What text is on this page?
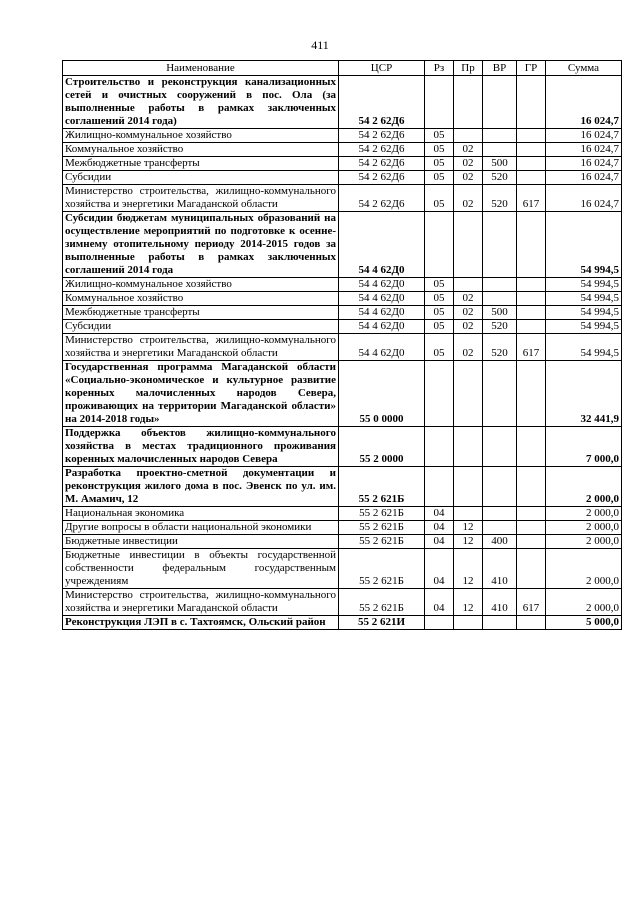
411
Наименование	ЦСР	Рз	Пр	ВР	ГР	Сумма
Строительство и реконструкция канализационных сетей и очистных сооружений в пос. Ола (за выполненные работы в рамках заключенных соглашений 2014 года)	54 2 62Д6					16 024,7
Жилищно-коммунальное хозяйство	54 2 62Д6	05				16 024,7
Коммунальное хозяйство	54 2 62Д6	05	02			16 024,7
Межбюджетные трансферты	54 2 62Д6	05	02	500		16 024,7
Субсидии	54 2 62Д6	05	02	520		16 024,7
Министерство строительства, жилищно-коммунального хозяйства и энергетики Магаданской области	54 2 62Д6	05	02	520	617	16 024,7
Субсидии бюджетам муниципальных образований на осуществление мероприятий по подготовке к осенне-зимнему отопительному периоду 2014-2015 годов за выполненные работы в рамках заключенных соглашений 2014 года	54 4 62Д0					54 994,5
Жилищно-коммунальное хозяйство	54 4 62Д0	05				54 994,5
Коммунальное хозяйство	54 4 62Д0	05	02			54 994,5
Межбюджетные трансферты	54 4 62Д0	05	02	500		54 994,5
Субсидии	54 4 62Д0	05	02	520		54 994,5
Министерство строительства, жилищно-коммунального хозяйства и энергетики Магаданской области	54 4 62Д0	05	02	520	617	54 994,5
Государственная программа Магаданской области «Социально-экономическое и культурное развитие коренных малочисленных народов Севера, проживающих на территории Магаданской области» на 2014-2018 годы»	55 0 0000					32 441,9
Поддержка объектов жилищно-коммунального хозяйства в местах традиционного проживания коренных малочисленных народов Севера	55 2 0000					7 000,0
Разработка проектно-сметной документации и реконструкция жилого дома в пос. Эвенск по ул. им. М. Амамич, 12	55 2 621Б					2 000,0
Национальная экономика	55 2 621Б	04				2 000,0
Другие вопросы в области национальной экономики	55 2 621Б	04	12			2 000,0
Бюджетные инвестиции	55 2 621Б	04	12	400		2 000,0
Бюджетные инвестиции в объекты государственной собственности федеральным государственным учреждениям	55 2 621Б	04	12	410		2 000,0
Министерство строительства, жилищно-коммунального хозяйства и энергетики Магаданской области	55 2 621Б	04	12	410	617	2 000,0
Реконструкция ЛЭП в с. Тахтоямск, Ольский район	55 2 621И					5 000,0
